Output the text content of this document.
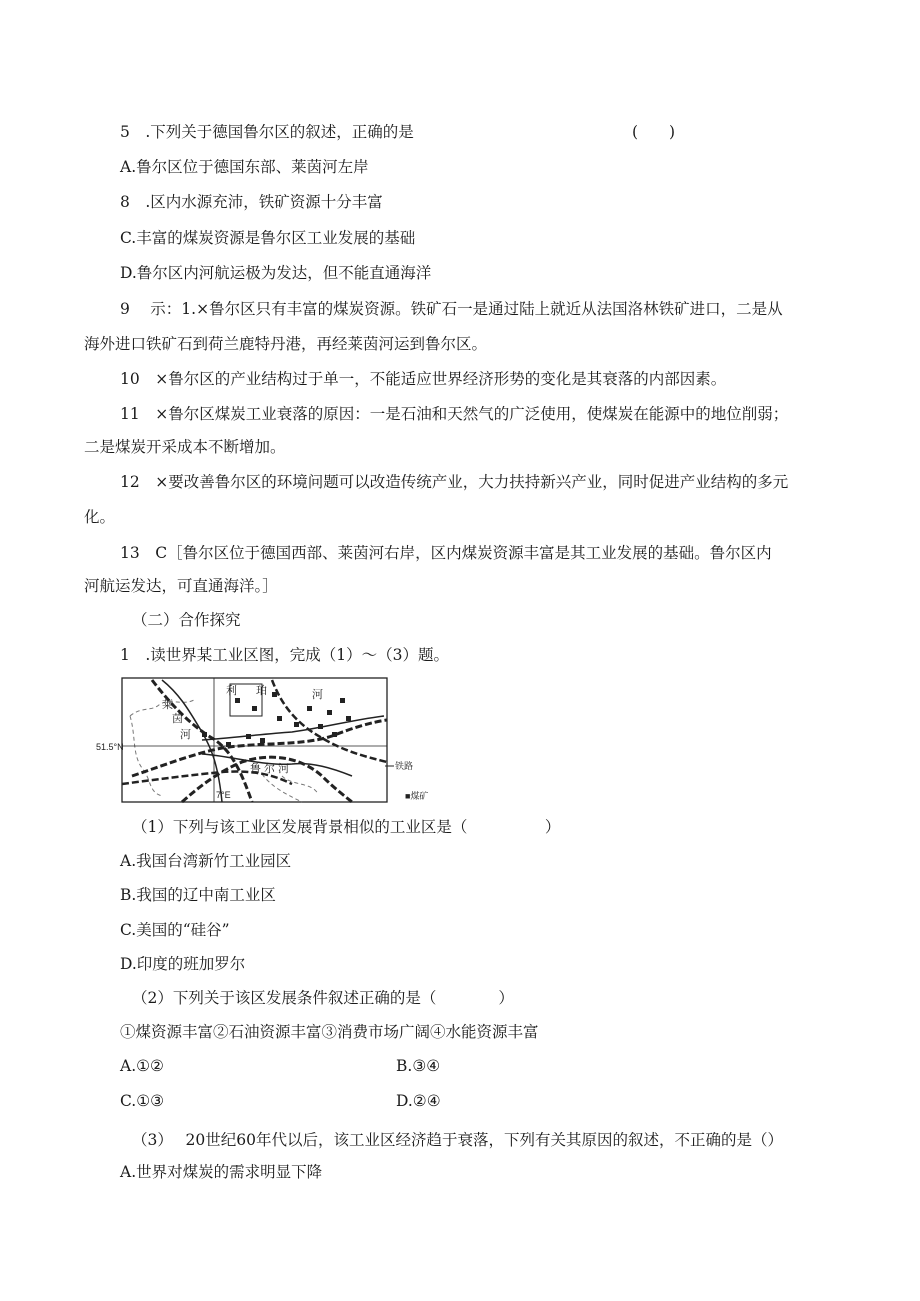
5　.下列关于德国鲁尔区的叙述，正确的是	(　　)
A.鲁尔区位于德国东部、莱茵河左岸
8　.区内水源充沛，铁矿资源十分丰富
C.丰富的煤炭资源是鲁尔区工业发展的基础
D.鲁尔区内河航运极为发达，但不能直通海洋
9　 示：1.×鲁尔区只有丰富的煤炭资源。铁矿石一是通过陆上就近从法国洛林铁矿进口，二是从
海外进口铁矿石到荷兰鹿特丹港，再经莱茵河运到鲁尔区。
10　×鲁尔区的产业结构过于单一，不能适应世界经济形势的变化是其衰落的内部因素。
11　×鲁尔区煤炭工业衰落的原因：一是石油和天然气的广泛使用，使煤炭在能源中的地位削弱；
二是煤炭开采成本不断增加。
12　×要改善鲁尔区的环境问题可以改造传统产业，大力扶持新兴产业，同时促进产业结构的多元
化。
13　C［鲁尔区位于德国西部、莱茵河右岸，区内煤炭资源丰富是其工业发展的基础。鲁尔区内
河航运发达，可直通海洋。］
（二）合作探究
1　.读世界某工业区图，完成（1）～（3）题。
莱
茵
河
利 珀	河
鲁 尔 河
51.5°N
7°E
铁路
■煤矿
（1）下列与该工业区发展背景相似的工业区是（　　　　　）
A.我国台湾新竹工业园区
B.我国的辽中南工业区
C.美国的“硅谷”
D.印度的班加罗尔
（2）下列关于该区发展条件叙述正确的是（　　　　）
①煤资源丰富②石油资源丰富③消费市场广阔④水能资源丰富
A.①②	B.③④
C.①③	D.②④
（3）　 20世纪60年代以后，该工业区经济趋于衰落，下列有关其原因的叙述，不正确的是（）
A.世界对煤炭的需求明显下降
